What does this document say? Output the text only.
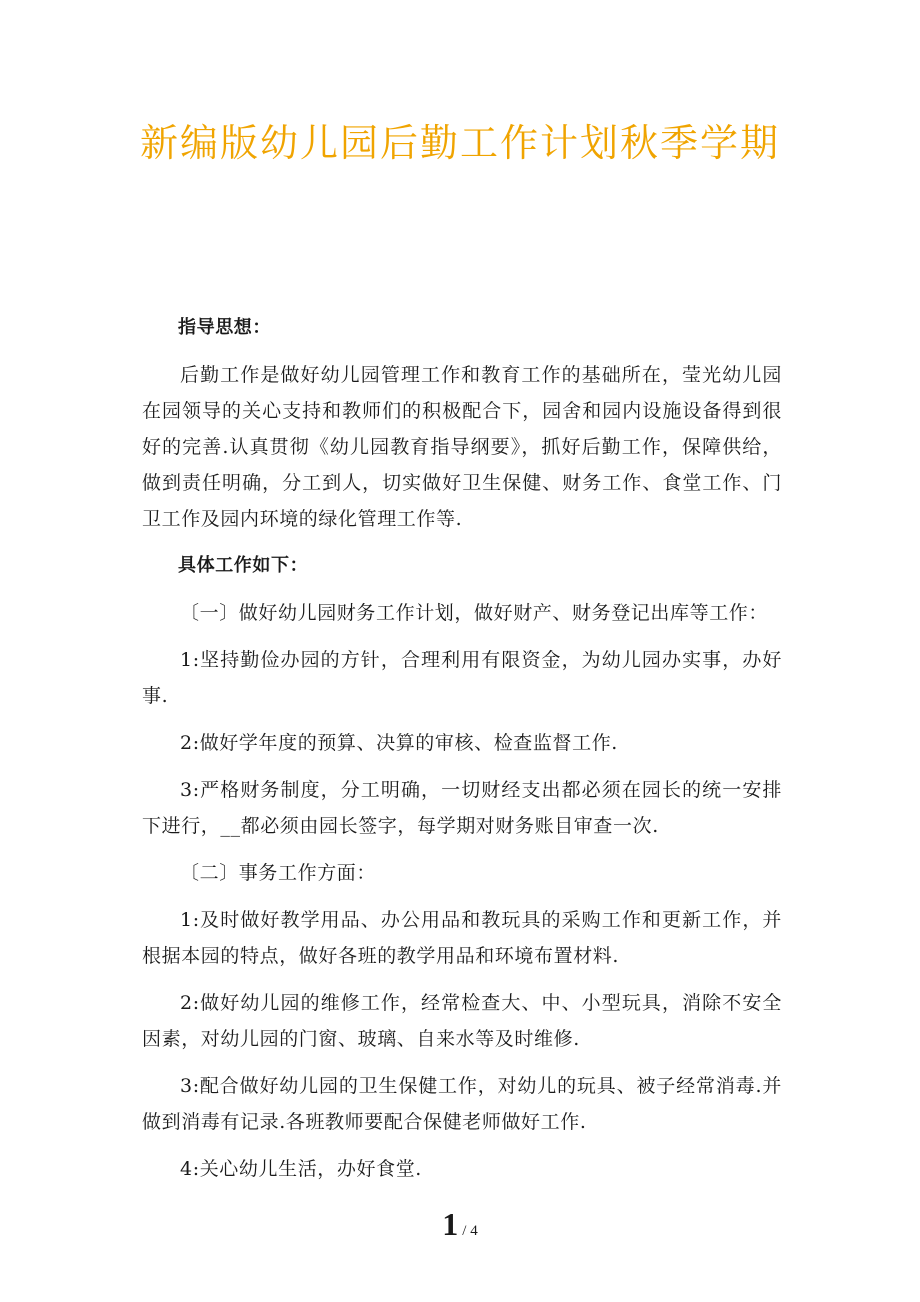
新编版幼儿园后勤工作计划秋季学期

指导思想：

后勤工作是做好幼儿园管理工作和教育工作的基础所在，莹光幼儿园在园领导的关心支持和教师们的积极配合下，园舍和园内设施设备得到很好的完善.认真贯彻《幼儿园教育指导纲要》，抓好后勤工作，保障供给，做到责任明确，分工到人，切实做好卫生保健、财务工作、食堂工作、门卫工作及园内环境的绿化管理工作等.

具体工作如下：

〔一〕做好幼儿园财务工作计划，做好财产、财务登记出库等工作：

1:坚持勤俭办园的方针，合理利用有限资金，为幼儿园办实事，办好事.

2:做好学年度的预算、决算的审核、检查监督工作.

3:严格财务制度，分工明确，一切财经支出都必须在园长的统一安排下进行，__都必须由园长签字，每学期对财务账目审查一次.

〔二〕事务工作方面：

1:及时做好教学用品、办公用品和教玩具的采购工作和更新工作，并根据本园的特点，做好各班的教学用品和环境布置材料.

2:做好幼儿园的维修工作，经常检查大、中、小型玩具，消除不安全因素，对幼儿园的门窗、玻璃、自来水等及时维修.

3:配合做好幼儿园的卫生保健工作，对幼儿的玩具、被子经常消毒.并做到消毒有记录.各班教师要配合保健老师做好工作.

4:关心幼儿生活，办好食堂.

1 / 4
